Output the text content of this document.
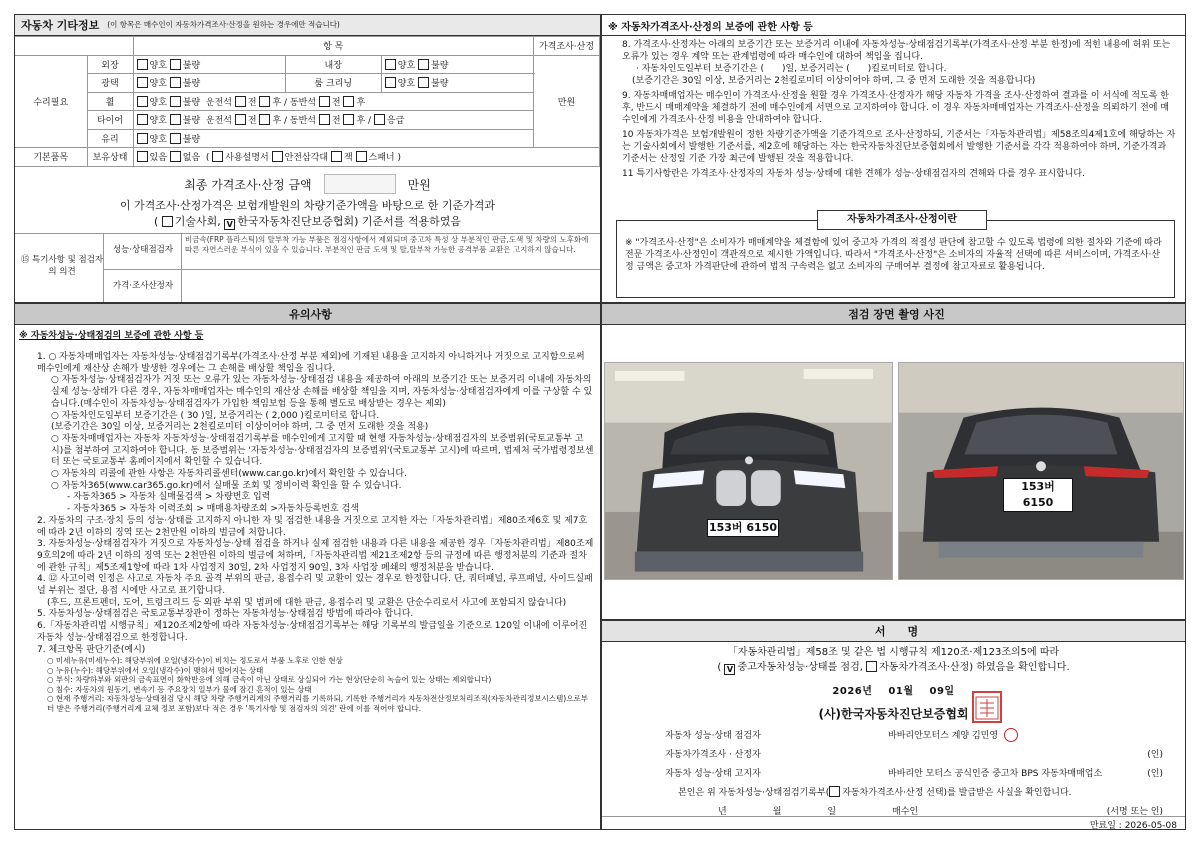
자동차 기타정보 (이 항목은 매수인이 자동차가격조사·산정을 원하는 경우에만 적습니다)
		항 목			가격조사·산정
수리필요	외장	양호 불량	내장	양호 불량	만원
	광택	양호 불량	룸 크리닝	양호 불량	
	휠	양호 불량 운전석 전 후 / 동반석 전 후			
	타이어	양호 불량 운전석 전 후 / 동반석 전 후 / 응급			
	유리	양호 불량			
기본품목	보유상태	있음 없음  ( 사용설명서 안전삼각대 잭 스패너 )			
최종 가격조사·산정 금액	만원
이 가격조사·산정가격은 보험개발원의 차량기준가액을 바탕으로 한 기준가격과
( 기술사회, V 한국자동차진단보증협회) 기준서를 적용하였음
⑮ 특기사항 및 점검자의 의견
성능·상태점검자
비금속(FRP 플라스틱)의 탈부착 가능 부품은 점검사항에서 제외되며 중고차 특성 상 부분적인 판금,도색 및 차량의 노후화에 따른 자연스러운 부식이 있을 수 있습니다. 부분적인 판금 도색 및 탈,탈부착 가능한 공격부품 교환은 고지하지 않습니다.
가격·조사산정자
※ 자동차가격조사·산정의 보증에 관한 사항 등

8. 가격조사·산정자는 아래의 보증기간 또는 보증거리 이내에 자동차성능·상태점검기록부(가격조사·산정 부분 한정)에 적힌 내용에 허위 또는 오류가 있는 경우 계약 또는 관계법령에 따라 매수인에 대하여 책임을 집니다.

· 자동차인도일부터 보증기간은 (　　)일, 보증거리는 (　　)킬로미터로 합니다.

(보증기간은 30일 이상, 보증거리는 2천킬로미터 이상이어야 하며, 그 중 먼저 도래한 것을 적용합니다)

9. 자동차매매업자는 매수인이 가격조사·산정을 원할 경우 가격조사·산정자가 해당 자동차 가격을 조사·산정하여 결과를 이 서식에 적도록 한 후, 반드시 매매계약을 체결하기 전에 매수인에게 서면으로 고지하여야 합니다. 이 경우 자동차매매업자는 가격조사·산정을 의뢰하기 전에 매수인에게 가격조사·산정 비용을 안내하여야 합니다.

10 자동차가격은 보험개발원이 정한 차량기준가액을 기준가격으로 조사·산정하되, 기준서는「자동차관리법」제58조의4제1호에 해당하는 자는 기술사회에서 발행한 기준서를, 제2호에 해당하는 자는 한국자동차진단보증협회에서 발행한 기준서를 각각 적용하여야 하며, 기준가격과 기준서는 산정일 기준 가장 최근에 발행된 것을 적용합니다.

11 특기사항란은 가격조사·산정자의 자동차 성능·상태에 대한 견해가 성능·상태점검자의 견해와 다를 경우 표시합니다.

자동차가격조사·산정이란
※ "가격조사·산정"은 소비자가 매매계약을 체결함에 있어 중고차 가격의 적절성 판단에 참고할 수 있도록 법령에 의한 절차와 기준에 따라 전문 가격조사·산정인이 객관적으로 제시한 가액입니다. 따라서 "가격조사·산정"은 소비자의 자율적 선택에 따른 서비스이며, 가격조사·산정 금액은 중고차 가격판단에 관하여 법적 구속력은 없고 소비자의 구매여부 결정에 참고자료로 활용됩니다.
유의사항
※ 자동차성능·상태점검의 보증에 관한 사항 등

1. ○ 자동차매매업자는 자동차성능·상태점검기록부(가격조사·산정 부분 제외)에 기재된 내용을 고지하지 아니하거나 거짓으로 고지함으로써 매수인에게 재산상 손해가 발생한 경우에는 그 손해를 배상할 책임을 집니다.

○ 자동차성능·상태점검자가 거짓 또는 오류가 있는 자동차성능·상태점검 내용을 제공하여 아래의 보증기간 또는 보증거리 이내에 자동차의 실제 성능·상태가 다른 경우, 자동차매매업자는 매수인의 재산상 손해를 배상할 책임을 지며, 자동차성능·상태점검자에게 이를 구상할 수 있습니다.(매수인이 자동차성능·상태점검자가 가입한 책임보험 등을 통해 별도로 배상받는 경우는 제외)

○ 자동차인도일부터 보증기간은 ( 30 )일, 보증거리는 ( 2,000 )킬로미터로 합니다.

(보증기간은 30일 이상, 보증거리는 2천킬로미터 이상이어야 하며, 그 중 먼저 도래한 것을 적용)

○ 자동차매매업자는 자동차 자동차성능·상태점검기록부를 매수인에게 고지할 때 현행 자동차성능·상태점검자의 보증범위(국토교통부 고시)를 첨부하여 고지하여야 합니다. 동 보증범위는 '자동차성능·상태점검자의 보증범위'(국토교통부 고시)에 따르며, 법제처 국가법령정보센터 또는 국토교통부 홈페이지에서 확인할 수 있습니다.

○ 자동차의 리콜에 관한 사항은 자동차리콜센터(www.car.go.kr)에서 확인할 수 있습니다.

○ 자동차365(www.car365.go.kr)에서 실매물 조회 및 정비이력 확인을 할 수 있습니다.

- 자동차365 > 자동차 실매물검색 > 차량번호 입력

- 자동차365 > 자동차 이력조회 > 매매용차량조회 >자동차등록번호 검색

2. 자동차의 구조·장치 등의 성능·상태를 고지하지 아니한 자 및 점검한 내용을 거짓으로 고지한 자는「자동차관리법」제80조제6호 및 제7호에 따라 2년 이하의 징역 또는 2천만원 이하의 벌금에 처합니다.

3. 자동차성능·상태점검자가 거짓으로 자동차성능·상태 점검을 하거나 실제 점검한 내용과 다른 내용을 제공한 경우「자동차관리법」제80조제9호의2에 따라 2년 이하의 징역 또는 2천만원 이하의 벌금에 처하며,「자동차관리법 제21조제2항 등의 규정에 따른 행정처분의 기준과 절차에 관한 규칙」제5조제1항에 따라 1차 사업정지 30일, 2차 사업정지 90일, 3차 사업장 폐쇄의 행정처분을 받습니다.

4. ⑫ 사고이력 인정은 사고로 자동차 주요 골격 부위의 판금, 용접수리 및 교환이 있는 경우로 한정합니다. 단, 쿼터패널, 루프패널, 사이드실패널 부위는 절단, 용접 시에만 사고로 표기합니다.

(후드, 프론트펜더, 도어, 트렁크리드 등 외판 부위 및 범퍼에 대한 판금, 용접수리 및 교환은 단순수리로서 사고에 포함되지 않습니다)

5. 자동차성능·상태점검은 국토교통부장관이 정하는 자동차성능·상태점검 방법에 따라야 합니다.

6.「자동차관리법 시행규칙」제120조제2항에 따라 자동차성능·상태점검기록부는 해당 기록부의 발급일을 기준으로 120일 이내에 이루어진 자동차 성능·상태점검으로 한정합니다.

7. 체크항목 판단기준(예시)

○ 미세누유(미세누수): 해당부위에 오일(냉각수)이 비치는 정도로서 부품 노후로 인한 현상

○ 누유(누수): 해당부위에서 오일(냉각수)이 맺혀서 떨어지는 상태

○ 부식: 차량하부와 외판의 금속표면이 화학반응에 의해 금속이 아닌 상태로 상실되어 가는 현상(단순히 녹슬어 있는 상태는 제외합니다)

○ 침수: 자동차의 원동기, 변속기 등 주요장치 일부가 물에 잠긴 흔적이 있는 상태

○ 현재 주행거리: 자동차성능·상태점검 당시 해당 차량 주행거리계의 주행거리를 기록하되, 기록한 주행거리가 자동차전산정보처리조직(자동차관리정보시스템)으로부터 받은 주행거리(주행거리계 교체 정보 포함)보다 적은 경우 '특기사항 및 점검자의 의견' 란에 이를 적어야 합니다.

점검 장면 촬영 사진
153버 6150
153버 6150
서　　명
「자동차관리법」제58조 및 같은 법 시행규칙 제120조·제123조의5에 따라
( V 중고자동차성능·상태를 점검, 자동차가격조사·산정) 하였음을 확인합니다.
2026년 01월 09일
(사)한국자동차진단보증협회
자동차 성능·상태 점검자	바바리안모터스 계양 김민영
자동차가격조사 · 산정자	(인)
자동차 성능·상태 고지자	바바리안 모터스 공식인증 중고차 BPS 자동차매매업소	(인)
본인은 위 자동차성능·상태점검기록부( 자동차가격조사·산정 선택)를 발급받은 사실을 확인합니다.
년	월	일	매수인	(서명 또는 인)
만료일 : 2026-05-08
